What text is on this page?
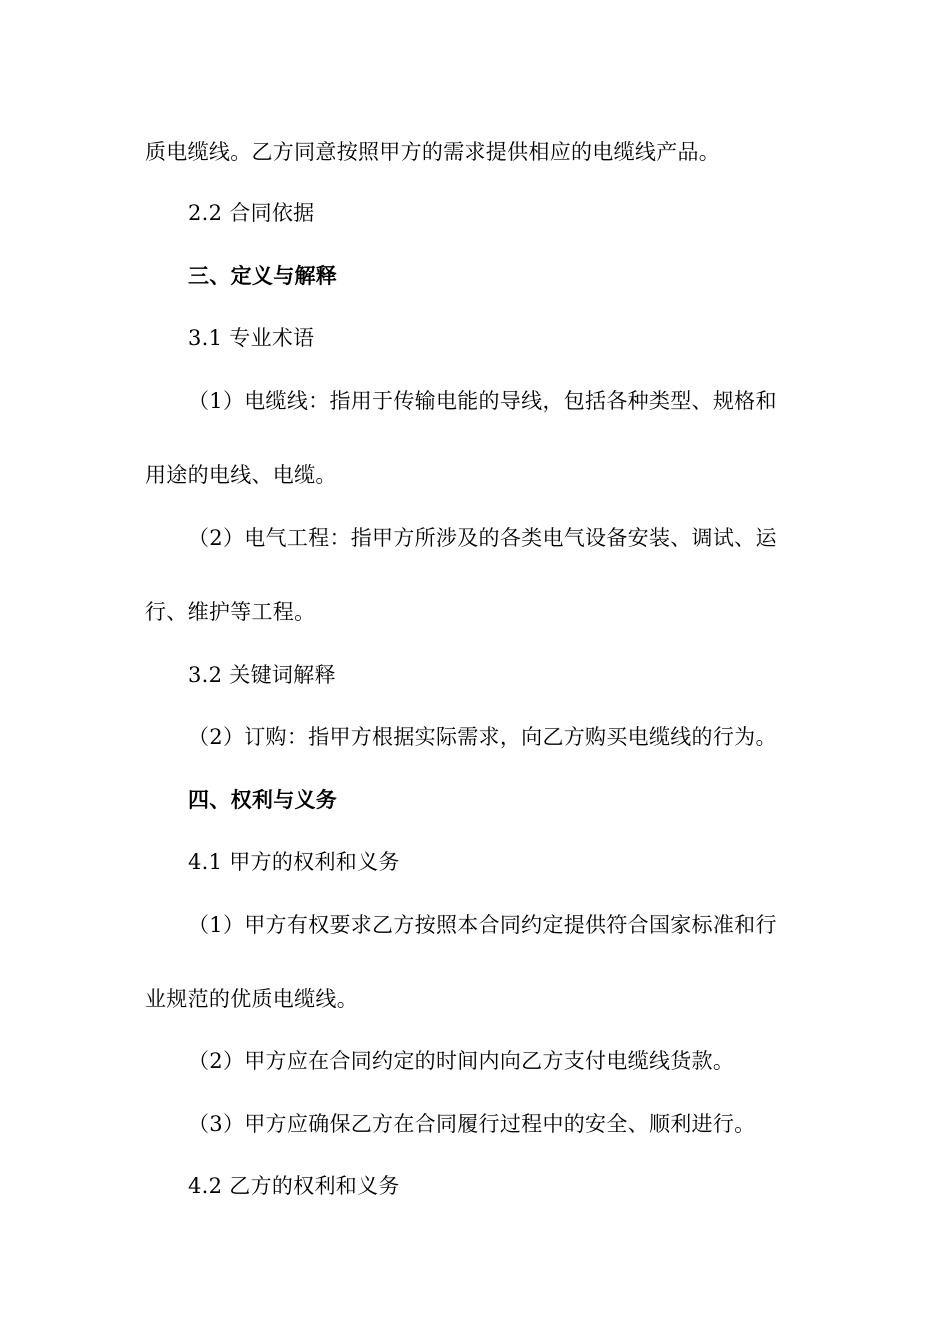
质电缆线。乙方同意按照甲方的需求提供相应的电缆线产品。
2.2 合同依据
三、定义与解释
3.1 专业术语
（1）电缆线：指用于传输电能的导线，包括各种类型、规格和
用途的电线、电缆。
（2）电气工程：指甲方所涉及的各类电气设备安装、调试、运
行、维护等工程。
3.2 关键词解释
（2）订购：指甲方根据实际需求，向乙方购买电缆线的行为。
四、权利与义务
4.1 甲方的权利和义务
（1）甲方有权要求乙方按照本合同约定提供符合国家标准和行
业规范的优质电缆线。
（2）甲方应在合同约定的时间内向乙方支付电缆线货款。
（3）甲方应确保乙方在合同履行过程中的安全、顺利进行。
4.2 乙方的权利和义务
